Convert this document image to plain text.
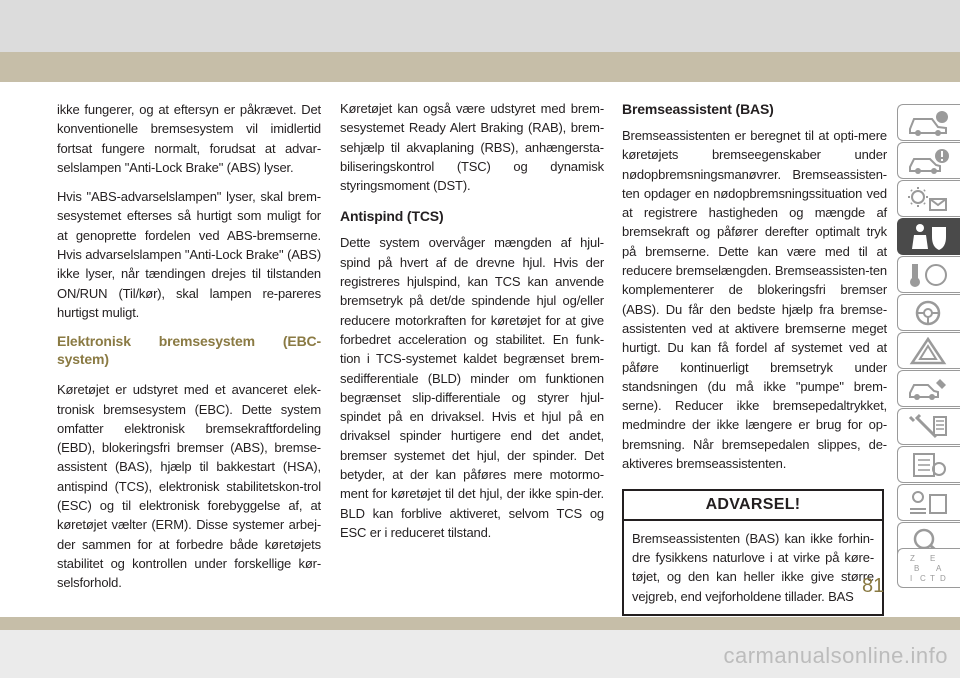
ikke fungerer, og at eftersyn er påkrævet. Det konventionelle bremsesystem vil imidlertid fortsat fungere normalt, forudsat at advar-selslampen "Anti-Lock Brake" (ABS) lyser.

Hvis "ABS-advarselslampen" lyser, skal brem-sesystemet efterses så hurtigt som muligt for at genoprette fordelen ved ABS-bremserne. Hvis advarselslampen "Anti-Lock Brake" (ABS) ikke lyser, når tændingen drejes til tilstanden ON/RUN (Til/kør), skal lampen re-pareres hurtigst muligt.

Elektronisk bremsesystem (EBC-system)

Køretøjet er udstyret med et avanceret elek-tronisk bremsesystem (EBC). Dette system omfatter elektronisk bremsekraftfordeling (EBD), blokeringsfri bremser (ABS), bremse-assistent (BAS), hjælp til bakkestart (HSA), antispind (TCS), elektronisk stabilitetskon-trol (ESC) og til elektronisk forebyggelse af, at køretøjet vælter (ERM). Disse systemer arbej-der sammen for at forbedre både køretøjets stabilitet og kontrollen under forskellige kør-selsforhold.

Køretøjet kan også være udstyret med brem-sesystemet Ready Alert Braking (RAB), brem-sehjælp til akvaplaning (RBS), anhængersta-biliseringskontrol (TSC) og dynamisk styringsmoment (DST).

Antispind (TCS)

Dette system overvåger mængden af hjul-spind på hvert af de drevne hjul. Hvis der registreres hjulspind, kan TCS kan anvende bremsetryk på det/de spindende hjul og/eller reducere motorkraften for køretøjet for at give forbedret acceleration og stabilitet. En funk-tion i TCS-systemet kaldet begrænset brem-sedifferentiale (BLD) minder om funktionen begrænset slip-differentiale og styrer hjul-spindet på en drivaksel. Hvis et hjul på en drivaksel spinder hurtigere end det andet, bremser systemet det hjul, der spinder. Det betyder, at der kan påføres mere motormo-ment for køretøjet til det hjul, der ikke spin-der. BLD kan forblive aktiveret, selvom TCS og ESC er i reduceret tilstand.

Bremseassistent (BAS)

Bremseassistenten er beregnet til at opti-mere køretøjets bremseegenskaber under nødopbremsningsmanøvrer. Bremseassisten-ten opdager en nødopbremsningssituation ved at registrere hastigheden og mængde af bremsekraft og påfører derefter optimalt tryk på bremserne. Dette kan være med til at reducere bremselængden. Bremseassisten-ten komplementerer de blokeringsfri bremser (ABS). Du får den bedste hjælp fra bremse-assistenten ved at aktivere bremserne meget hurtigt. Du kan få fordel af systemet ved at påføre kontinuerligt bremsetryk under standsningen (du må ikke "pumpe" brem-serne). Reducer ikke bremsepedaltrykket, medmindre der ikke længere er brug for op-bremsning. Når bremsepedalen slippes, de-aktiveres bremseassistenten.

ADVARSEL!
Bremseassistenten (BAS) kan ikke forhin-dre fysikkens naturlove i at virke på køre-tøjet, og den kan heller ikke give større vejgreb, end vejforholdene tillader. BAS
Z E
B A
I C T D
81
carmanualsonline.info
